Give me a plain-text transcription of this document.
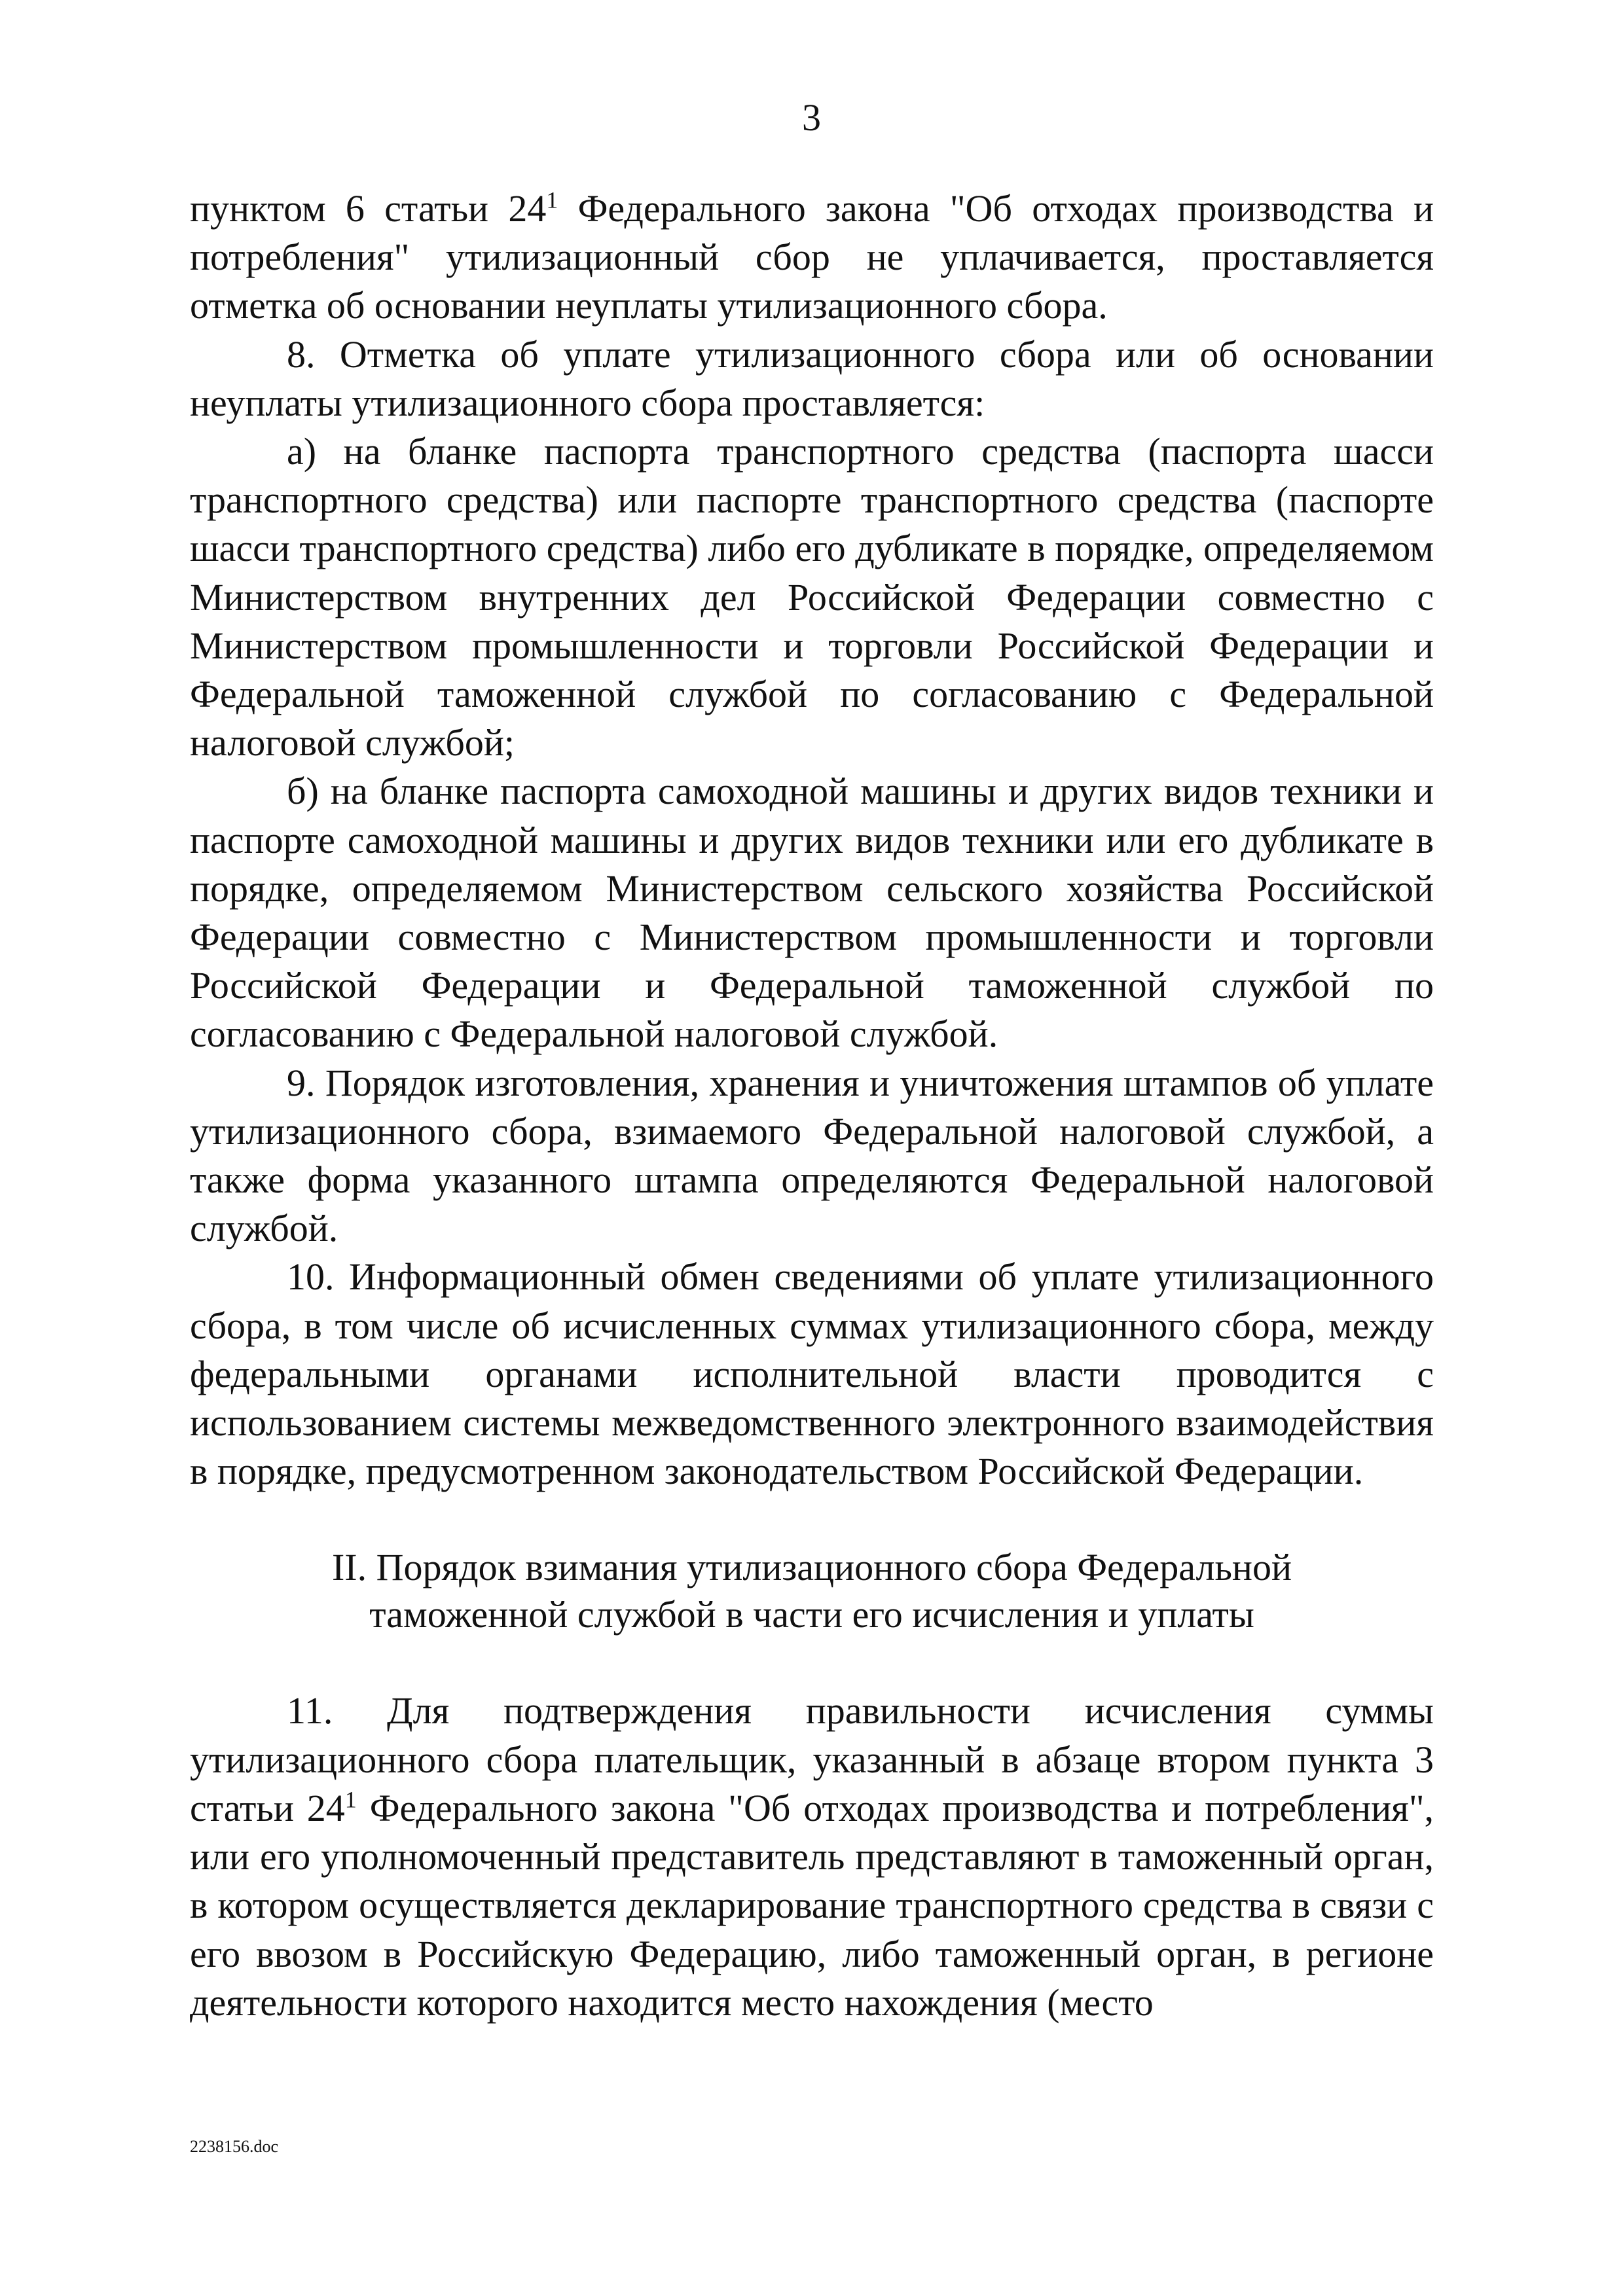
3

пунктом 6 статьи $24^1$ Федерального закона "Об отходах производства и потребления" утилизационный сбор не уплачивается, проставляется отметка об основании неуплаты утилизационного сбора.

8. Отметка об уплате утилизационного сбора или об основании неуплаты утилизационного сбора проставляется:

а) на бланке паспорта транспортного средства (паспорта шасси транспортного средства) или паспорте транспортного средства (паспорте шасси транспортного средства) либо его дубликате в порядке, определяемом Министерством внутренних дел Российской Федерации совместно с Министерством промышленности и торговли Российской Федерации и Федеральной таможенной службой по согласованию с Федеральной налоговой службой;

б) на бланке паспорта самоходной машины и других видов техники и паспорте самоходной машины и других видов техники или его дубликате в порядке, определяемом Министерством сельского хозяйства Российской Федерации совместно с Министерством промышленности и торговли Российской Федерации и Федеральной таможенной службой по согласованию с Федеральной налоговой службой.

9. Порядок изготовления, хранения и уничтожения штампов об уплате утилизационного сбора, взимаемого Федеральной налоговой службой, а также форма указанного штампа определяются Федеральной налоговой службой.

10. Информационный обмен сведениями об уплате утилизационного сбора, в том числе об исчисленных суммах утилизационного сбора, между федеральными органами исполнительной власти проводится с использованием системы межведомственного электронного взаимодействия в порядке, предусмотренном законодательством Российской Федерации.

II. Порядок взимания утилизационного сбора Федеральной
таможенной службой в части его исчисления и уплаты

11. Для подтверждения правильности исчисления суммы утилизационного сбора плательщик, указанный в абзаце втором пункта 3 статьи $24^1$ Федерального закона "Об отходах производства и потребления", или его уполномоченный представитель представляют в таможенный орган, в котором осуществляется декларирование транспортного средства в связи с его ввозом в Российскую Федерацию, либо таможенный орган, в регионе деятельности которого находится место нахождения (место

2238156.doc
